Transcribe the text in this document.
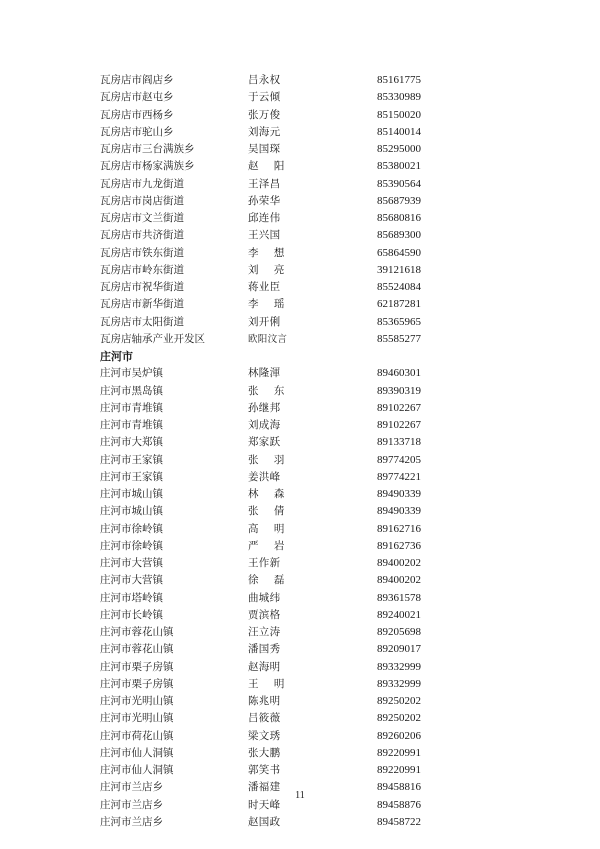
瓦房店市阎店乡	吕永权	85161775
瓦房店市赵屯乡	于云倾	85330989
瓦房店市西杨乡	张万俊	85150020
瓦房店市驼山乡	刘海元	85140014
瓦房店市三台满族乡	吴国琛	85295000
瓦房店市杨家满族乡	赵 阳	85380021
瓦房店市九龙街道	王泽昌	85390564
瓦房店市岗店街道	孙荣华	85687939
瓦房店市文兰街道	邱连伟	85680816
瓦房店市共济街道	王兴国	85689300
瓦房店市铁东街道	李 想	65864590
瓦房店市岭东街道	刘 亮	39121618
瓦房店市祝华街道	蒋业臣	85524084
瓦房店市新华街道	李 瑶	62187281
瓦房店市太阳街道	刘开俐	85365965
瓦房店轴承产业开发区	欧阳汶言	85585277
庄河市
庄河市吴炉镇	林隆渾	89460301
庄河市黑岛镇	张 东	89390319
庄河市青堆镇	孙继邦	89102267
庄河市青堆镇	刘成海	89102267
庄河市大郑镇	郑家跃	89133718
庄河市王家镇	张 羽	89774205
庄河市王家镇	姜洪峰	89774221
庄河市城山镇	林 森	89490339
庄河市城山镇	张 倩	89490339
庄河市徐岭镇	高 明	89162716
庄河市徐岭镇	严 岩	89162736
庄河市大营镇	王作新	89400202
庄河市大营镇	徐 磊	89400202
庄河市塔岭镇	曲城纬	89361578
庄河市长岭镇	贾滨格	89240021
庄河市蓉花山镇	汪立涛	89205698
庄河市蓉花山镇	潘国秀	89209017
庄河市栗子房镇	赵海明	89332999
庄河市栗子房镇	王 明	89332999
庄河市光明山镇	陈兆明	89250202
庄河市光明山镇	吕筱薇	89250202
庄河市荷花山镇	梁文琇	89260206
庄河市仙人洞镇	张大鹏	89220991
庄河市仙人洞镇	郭笑书	89220991
庄河市兰店乡	潘福建	89458816
庄河市兰店乡	时天峰	89458876
庄河市兰店乡	赵国政	89458722
11
